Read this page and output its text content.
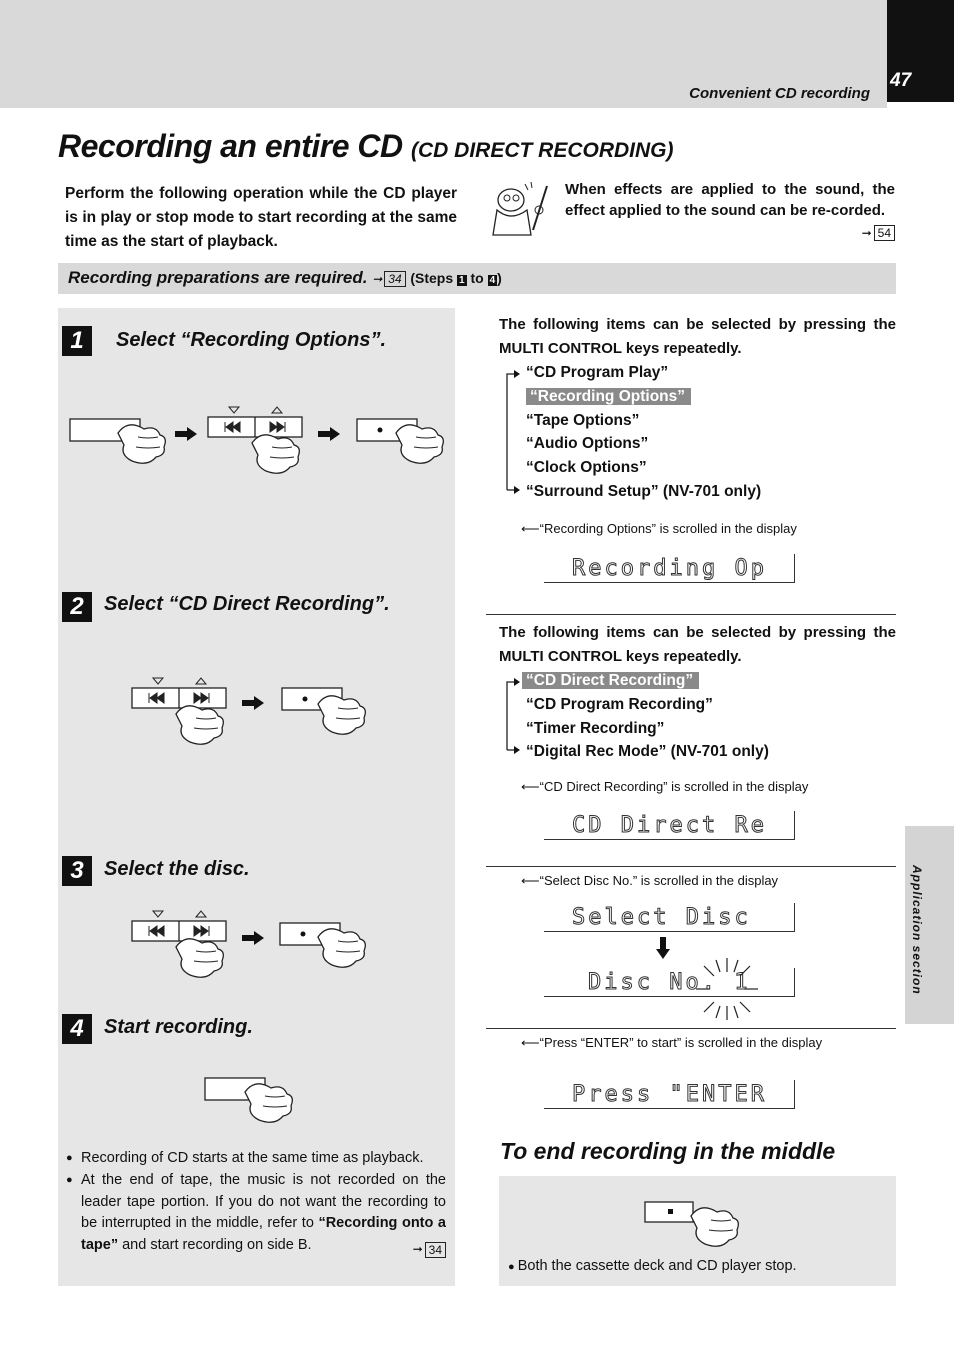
47
Convenient CD recording
Recording an entire CD (CD DIRECT RECORDING)
Perform the following operation while the CD player is in play or stop mode to start recording at the same time as the start of playback.
When effects are applied to the sound, the effect applied to the sound can be re-corded.
➞ 54
Recording preparations are required. ➞ 34 (Steps 1 to 4 )
1	Select “Recording Options”.
2	Select “CD Direct Recording”.
3	Select the disc.
4	Start recording.
● Recording of CD starts at the same time as playback.
● At the end of tape, the music is not recorded on the leader tape portion. If you do not want the recording to be interrupted in the middle, refer to “Recording onto a tape” and start recording on side B.	➞ 34
The following items can be selected by pressing the MULTI CONTROL keys repeatedly.
“CD Program Play”
“Recording Options”
“Tape Options”
“Audio Options”
“Clock Options”
“Surround Setup” (NV-701 only)
⟵“Recording Options” is scrolled in the display
Recording Op
The following items can be selected by pressing the MULTI CONTROL keys repeatedly.
“CD Direct Recording”
“CD Program Recording”
“Timer Recording”
“Digital Rec Mode” (NV-701 only)
⟵“CD Direct Recording” is scrolled in the display
CD Direct Re
⟵“Select Disc No.” is scrolled in the display
Select Disc
Disc No. 1
⟵“Press “ENTER” to start” is scrolled in the display
Press "ENTER
To end recording in the middle
● Both the cassette deck and CD player stop.
Application section
